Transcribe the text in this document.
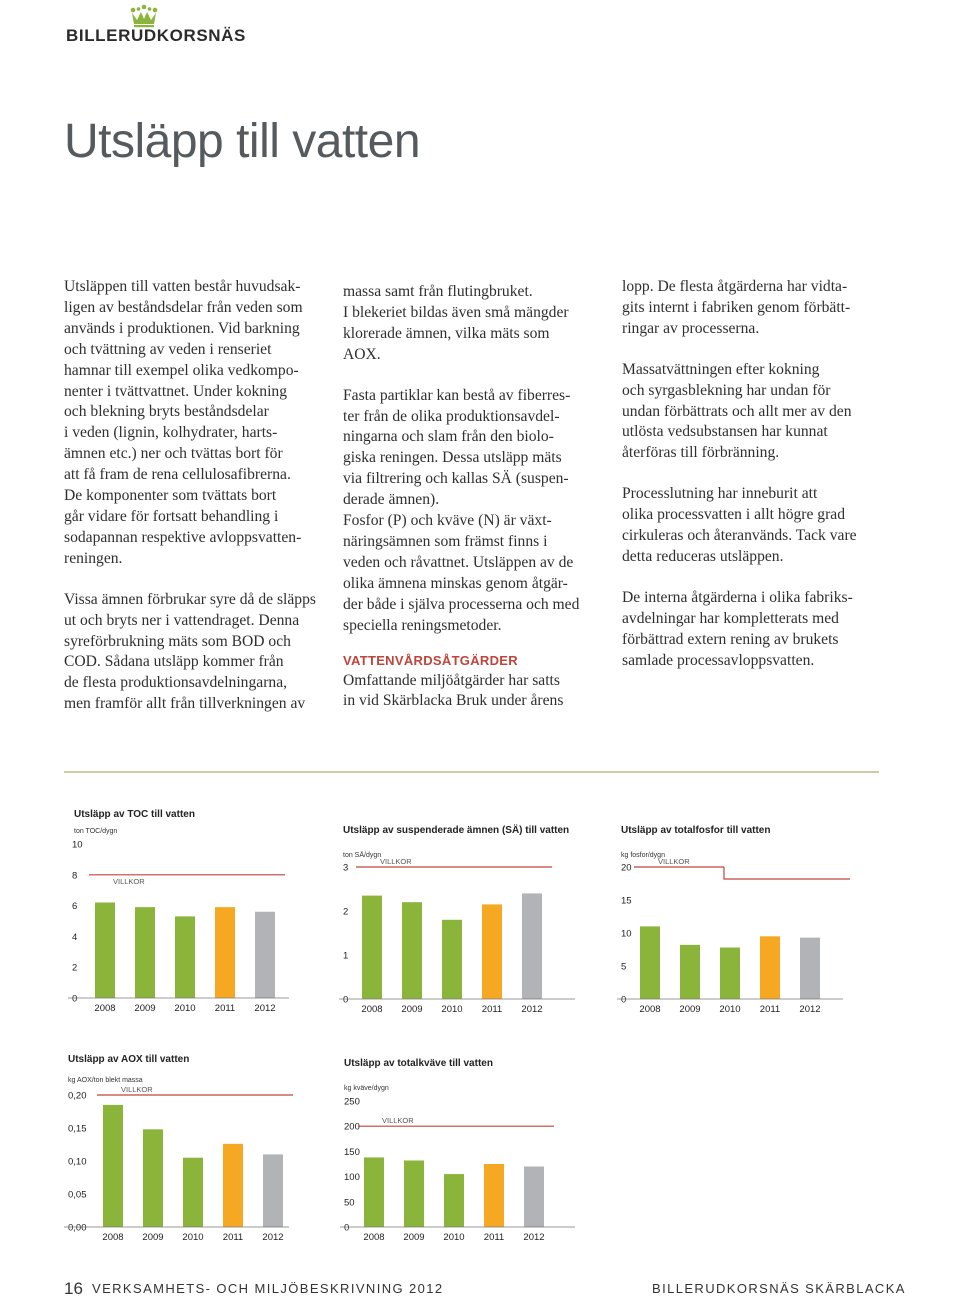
BILLERUDKORSNÄS
Utsläpp till vatten

Utsläppen till vatten består huvudsak-
ligen av beståndsdelar från veden som
används i produktionen. Vid barkning
och tvättning av veden i renseriet
hamnar till exempel olika vedkompo-
nenter i tvättvattnet. Under kokning
och blekning bryts beståndsdelar
i veden (lignin, kolhydrater, harts-
ämnen etc.) ner och tvättas bort för
att få fram de rena cellulosafibrerna.
De komponenter som tvättats bort
går vidare för fortsatt behandling i
sodapannan respektive avloppsvatten-
reningen.

Vissa ämnen förbrukar syre då de släpps
ut och bryts ner i vattendraget. Denna
syreförbrukning mäts som BOD och
COD. Sådana utsläpp kommer från
de flesta produktionsavdelningarna,
men framför allt från tillverkningen av

massa samt från flutingbruket.
I blekeriet bildas även små mängder
klorerade ämnen, vilka mäts som
AOX.

Fasta partiklar kan bestå av fiberres-
ter från de olika produktionsavdel-
ningarna och slam från den biolo-
giska reningen. Dessa utsläpp mäts
via filtrering och kallas SÄ (suspen-
derade ämnen).
Fosfor (P) och kväve (N) är växt-
näringsämnen som främst finns i
veden och råvattnet. Utsläppen av de
olika ämnena minskas genom åtgär-
der både i själva processerna och med
speciella reningsmetoder.

VATTENVÅRDSÅTGÄRDER

Omfattande miljöåtgärder har satts
in vid Skärblacka Bruk under årens

lopp. De flesta åtgärderna har vidta-
gits internt i fabriken genom förbätt-
ringar av processerna.

Massatvättningen efter kokning
och syrgasblekning har undan för
undan förbättrats och allt mer av den
utlösta vedsubstansen har kunnat
återföras till förbränning.

Processlutning har inneburit att
olika processvatten i allt högre grad
cirkuleras och återanvänds. Tack vare
detta reduceras utsläppen.

De interna åtgärderna i olika fabriks-
avdelningar har kompletterats med
förbättrad extern rening av brukets
samlade processavloppsvatten.

Utsläpp av TOC till vatten
ton TOC/dygn
0
2
4
6
8
10
2008 2009 2010 2011 2012
VILLKOR
Utsläpp av suspenderade ämnen (SÄ) till vatten
ton SÄ/dygn
0
1
2
3
2008 2009 2010 2011 2012
VILLKOR
Utsläpp av totalfosfor till vatten
kg fosfor/dygn
0
5
10
15
20
2008 2009 2010 2011 2012
VILLKOR
Utsläpp av AOX till vatten
kg AOX/ton blekt massa
0,00
0,05
0,10
0,15
0,20
2008 2009 2010 2011 2012
VILLKOR
Utsläpp av totalkväve till vatten
kg kväve/dygn
0
50
100
150
200
250
2008 2009 2010 2011 2012
VILLKOR
16 VERKSAMHETS- OCH MILJÖBESKRIVNING 2012	BILLERUDKORSNÄS SKÄRBLACKA
